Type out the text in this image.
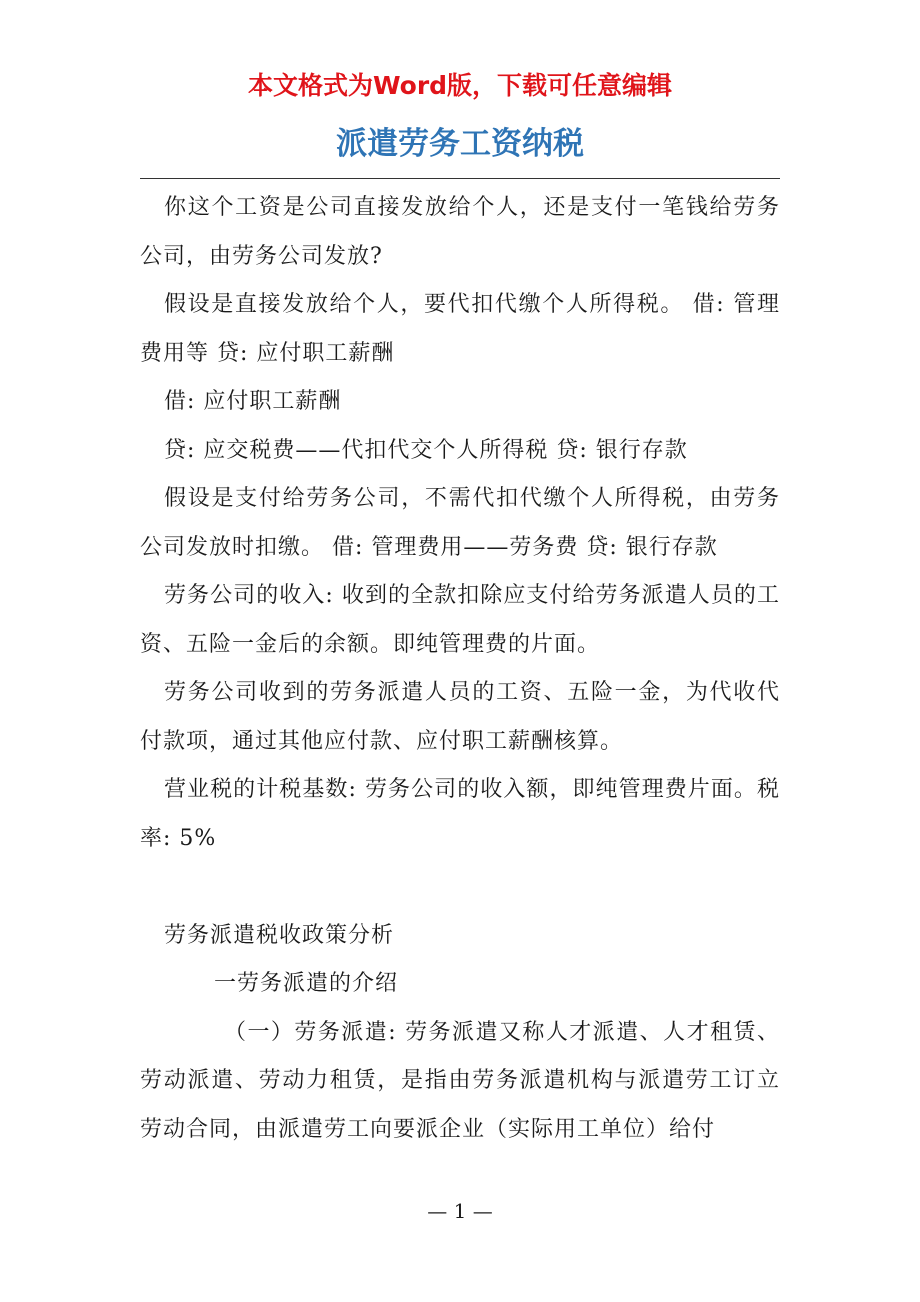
本文格式为Word版，下载可任意编辑
派遣劳务工资纳税

你这个工资是公司直接发放给个人，还是支付一笔钱给劳务公司，由劳务公司发放?

假设是直接发放给个人，要代扣代缴个人所得税。 借: 管理费用等 贷: 应付职工薪酬

借: 应付职工薪酬

贷: 应交税费——代扣代交个人所得税 贷: 银行存款

假设是支付给劳务公司，不需代扣代缴个人所得税，由劳务公司发放时扣缴。 借: 管理费用——劳务费 贷: 银行存款

劳务公司的收入: 收到的全款扣除应支付给劳务派遣人员的工资、五险一金后的余额。即纯管理费的片面。

劳务公司收到的劳务派遣人员的工资、五险一金，为代收代付款项，通过其他应付款、应付职工薪酬核算。

营业税的计税基数: 劳务公司的收入额，即纯管理费片面。税率: 5%

劳务派遣税收政策分析

一劳务派遣的介绍

（一）劳务派遣: 劳务派遣又称人才派遣、人才租赁、劳动派遣、劳动力租赁，是指由劳务派遣机构与派遣劳工订立劳动合同，由派遣劳工向要派企业（实际用工单位）给付

— 1 —
